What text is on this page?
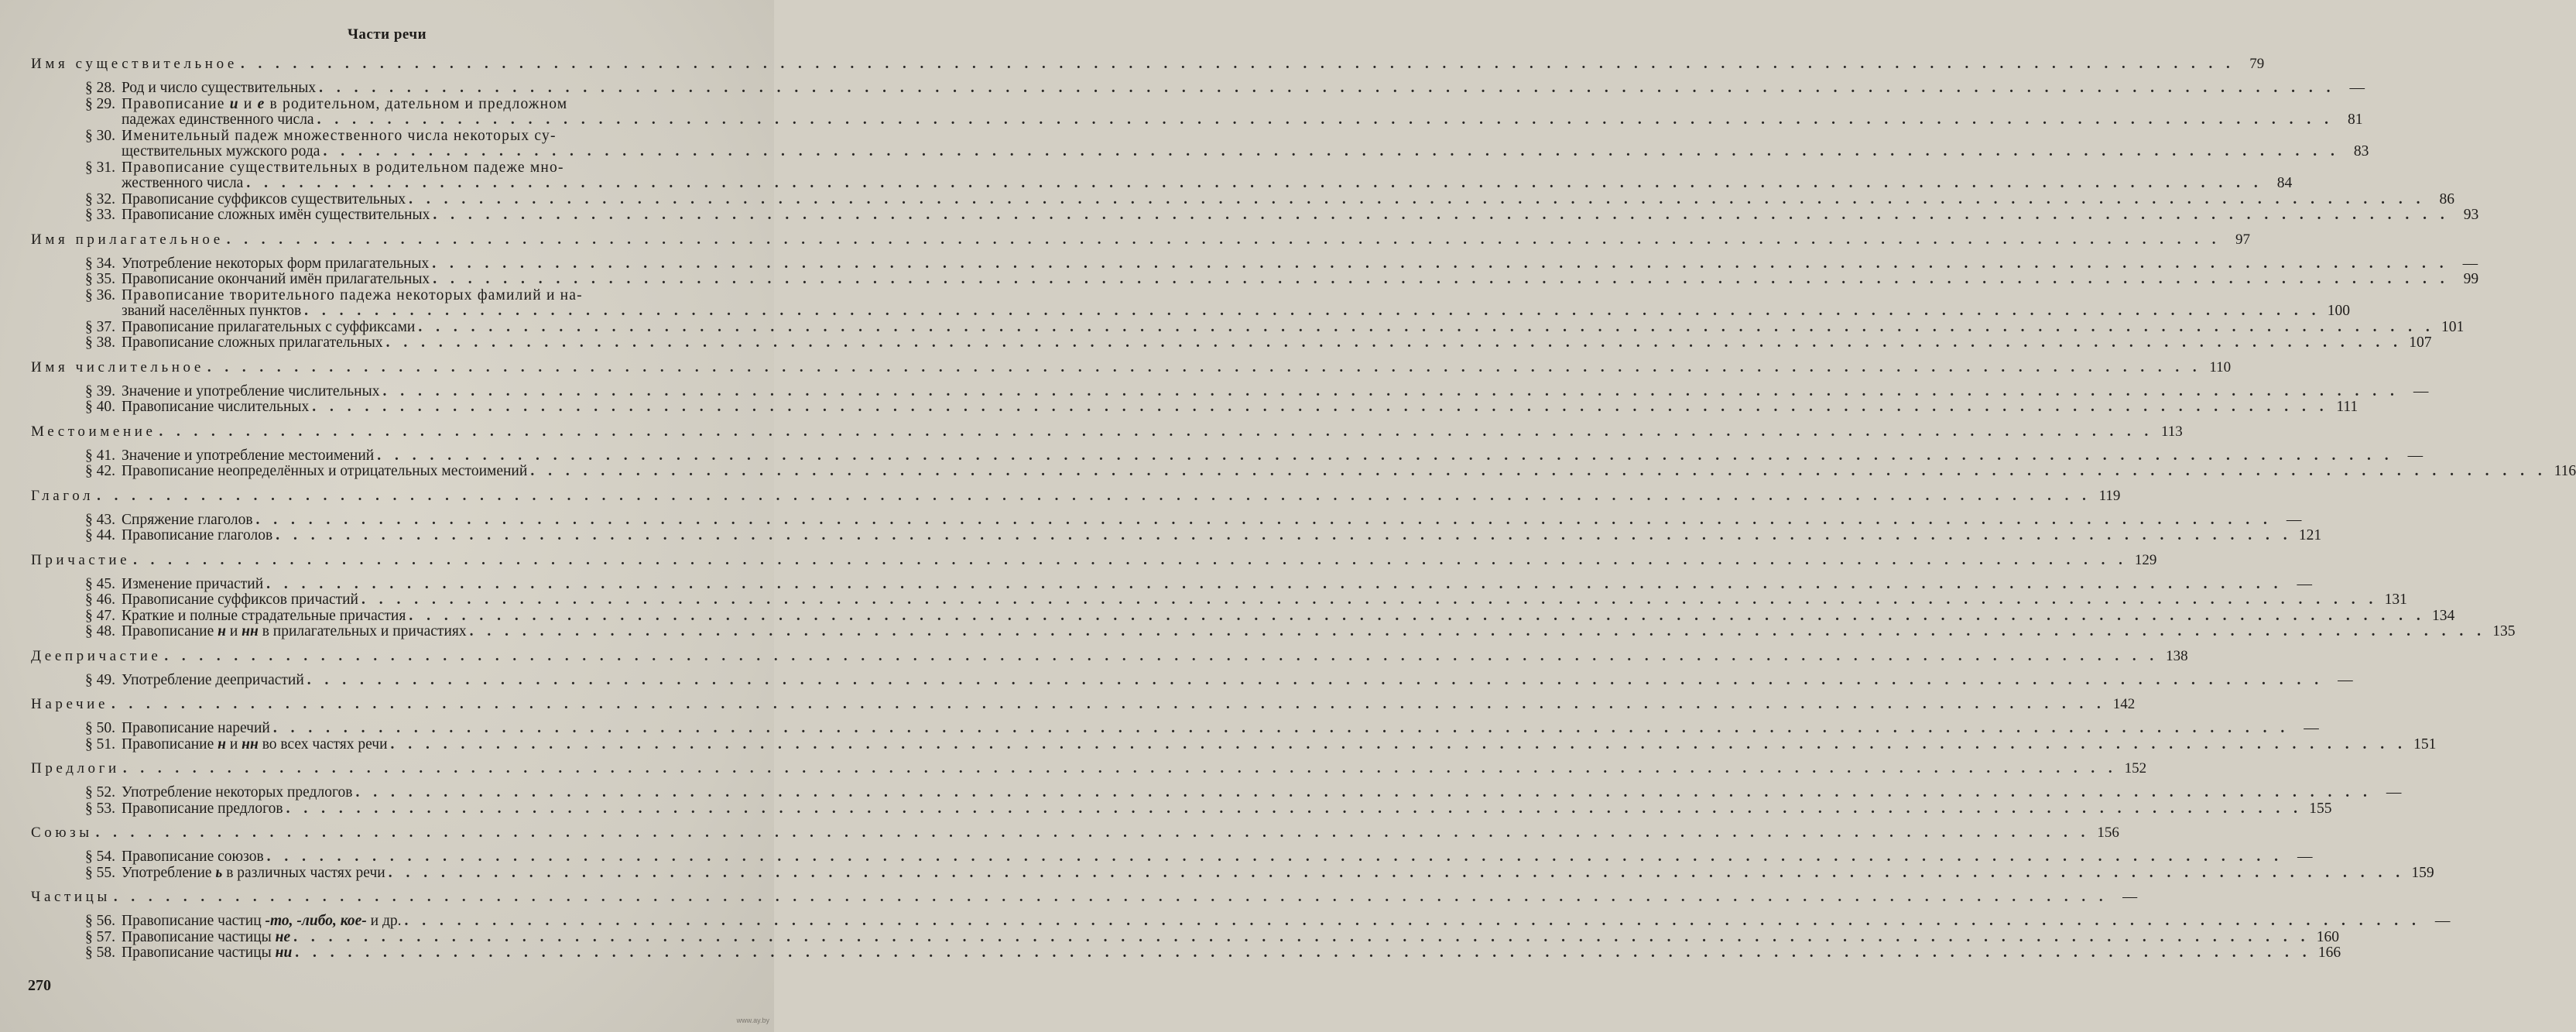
Части речи
Имя существительное . . .	79
§ 28. Род и число существительных . . .	—
§ 29. Правописание и и е в родительном, дательном и предложном
падежах единственного числа . . .	81
§ 30. Именительный падеж множественного числа некоторых су-
ществительных мужского рода . . .	83
§ 31. Правописание существительных в родительном падеже мно-
жественного числа . . .	84
§ 32. Правописание суффиксов существительных . . .	86
§ 33. Правописание сложных имён существительных . . .	93
Имя прилагательное . . .	97
§ 34. Употребление некоторых форм прилагательных . . .	—
§ 35. Правописание окончаний имён прилагательных . . .	99
§ 36. Правописание творительного падежа некоторых фамилий и на-
званий населённых пунктов . . .	100
§ 37. Правописание прилагательных с суффиксами . . .	101
§ 38. Правописание сложных прилагательных . . .	107
Имя числительное . . .	110
§ 39. Значение и употребление числительных . . .	—
§ 40. Правописание числительных . . .	111
Местоимение . . .	113
§ 41. Значение и употребление местоимений . . .	—
§ 42. Правописание неопределённых и отрицательных местоимений . . .	116
Глагол . . .	119
§ 43. Спряжение глаголов . . .	—
§ 44. Правописание глаголов . . .	121
Причастие . . .	129
§ 45. Изменение причастий . . .	—
§ 46. Правописание суффиксов причастий . . .	131
§ 47. Краткие и полные страдательные причастия . . .	134
§ 48. Правописание н и нн в прилагательных и причастиях . . .	135
Деепричастие . . .	138
§ 49. Употребление деепричастий . . .	—
Наречие . . .	142
§ 50. Правописание наречий . . .	—
§ 51. Правописание н и нн во всех частях речи . . .	151
Предлоги . . .	152
§ 52. Употребление некоторых предлогов . . .	—
§ 53. Правописание предлогов . . .	155
Союзы . . .	156
§ 54. Правописание союзов . . .	—
§ 55. Употребление ь в различных частях речи . . .	159
Частицы . . .	—
§ 56. Правописание частиц -то, -либо, кое- и др. . . .	—
§ 57. Правописание частицы не . . .	160
§ 58. Правописание частицы ни . . .	166
270
www.ay.by
